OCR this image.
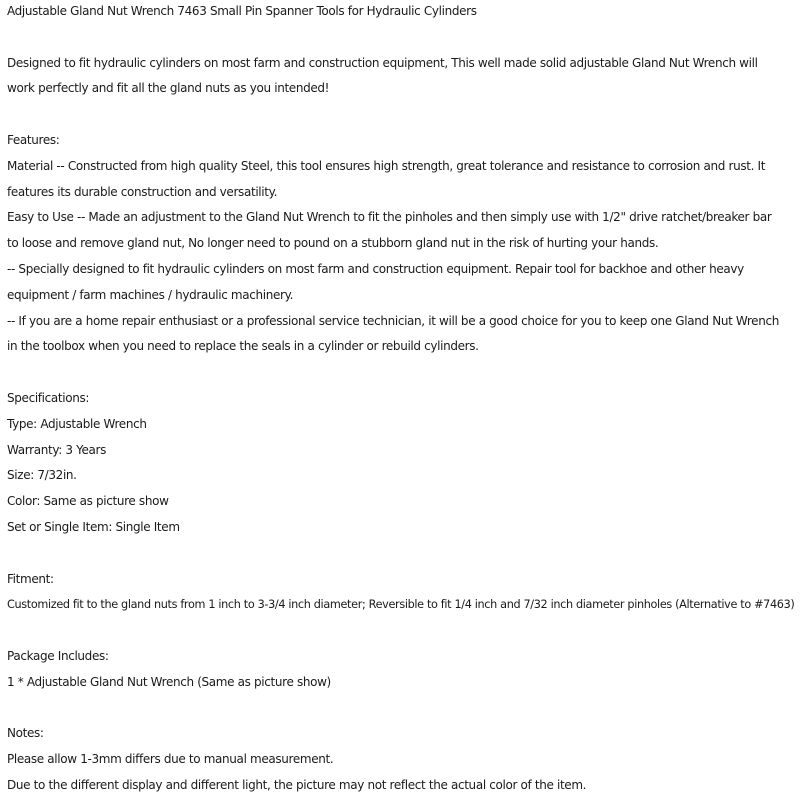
Adjustable Gland Nut Wrench 7463 Small Pin Spanner Tools for Hydraulic Cylinders
Designed to fit hydraulic cylinders on most farm and construction equipment, This well made solid adjustable Gland Nut Wrench will
work perfectly and fit all the gland nuts as you intended!
Features:
Material -- Constructed from high quality Steel, this tool ensures high strength, great tolerance and resistance to corrosion and rust. It
features its durable construction and versatility.
Easy to Use -- Made an adjustment to the Gland Nut Wrench to fit the pinholes and then simply use with 1/2" drive ratchet/breaker bar
to loose and remove gland nut, No longer need to pound on a stubborn gland nut in the risk of hurting your hands.
-- Specially designed to fit hydraulic cylinders on most farm and construction equipment. Repair tool for backhoe and other heavy
equipment / farm machines / hydraulic machinery.
-- If you are a home repair enthusiast or a professional service technician, it will be a good choice for you to keep one Gland Nut Wrench
in the toolbox when you need to replace the seals in a cylinder or rebuild cylinders.
Specifications:
Type: Adjustable Wrench
Warranty: 3 Years
Size: 7/32in.
Color: Same as picture show
Set or Single Item: Single Item
Fitment:
Customized fit to the gland nuts from 1 inch to 3-3/4 inch diameter; Reversible to fit 1/4 inch and 7/32 inch diameter pinholes (Alternative to #7463)
Package Includes:
1 * Adjustable Gland Nut Wrench (Same as picture show)
Notes:
Please allow 1-3mm differs due to manual measurement.
Due to the different display and different light, the picture may not reflect the actual color of the item.
